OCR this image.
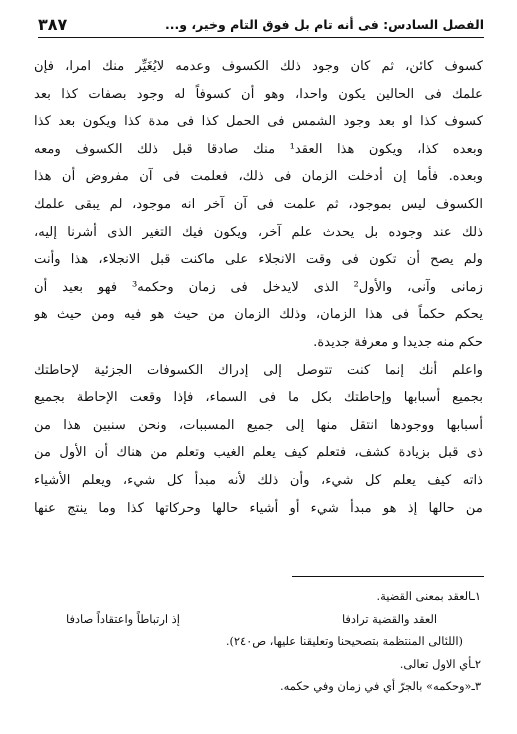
٣٨٧	الفصل السادس: فى أنه تام بل فوق التام وخير، و...
كسوف كائن، ثم كان وجود ذلك الكسوف وعدمه لايُغَيِّر منك امرا، فإن
علمك فى الحالين يكون واحدا، وهو أن كسوفاً له وجود بصفات كذا بعد
كسوف كذا او بعد وجود الشمس فى الحمل كذا فى مدة كذا ويكون بعد كذا
وبعده كذا، ويكون هذا العقد¹ منك صادقا قبل ذلك الكسوف ومعه
وبعده. فأما إن أدخلت الزمان فى ذلك، فعلمت فى آن مفروض أن هذا
الكسوف ليس بموجود، ثم علمت فى آن آخر انه موجود، لم يبقى علمك
ذلك عند وجوده بل يحدث علم آخر، ويكون فيك التغير الذى أشرنا إليه،
ولم يصح أن تكون فى وقت الانجلاء على ماكنت قبل الانجلاء، هذا وأنت
زمانى وآنى، والأول² الذى لايدخل فى زمان وحكمه³ فهو بعيد أن
يحكم حكماً فى هذا الزمان، وذلك الزمان من حيث هو فيه ومن حيث هو
حكم منه جديدا و معرفة جديدة.
واعلم أنك إنما كنت تتوصل إلى إدراك الكسوفات الجزئية لإحاطتك
بجميع أسبابها وإحاطتك بكل ما فى السماء، فإذا وقعت الإحاطة بجميع
أسبابها ووجودها انتقل منها إلى جميع المسببات، ونحن سنبين هذا من
ذى قبل بزيادة كشف، فتعلم كيف يعلم الغيب وتعلم من هناك أن الأول من
ذاته كيف يعلم كل شيء، وأن ذلك لأنه مبدأ كل شيء، ويعلم الأشياء
من حالها إذ هو مبدأ شيء أو أشياء حالها وحركاتها كذا وما ينتج عنها
١ـالعقد بمعنى القضية.
العقد والقضية ترادفا
إذ ارتباطاً واعتقاداً صادفا
(اللئالى المنتظمة بتصحيحنا وتعليقنا عليها، ص٢٤٠).
٢ـأي الاول تعالى.
٣ـ«وحكمه» بالجرّ أي في زمان وفي حكمه.
